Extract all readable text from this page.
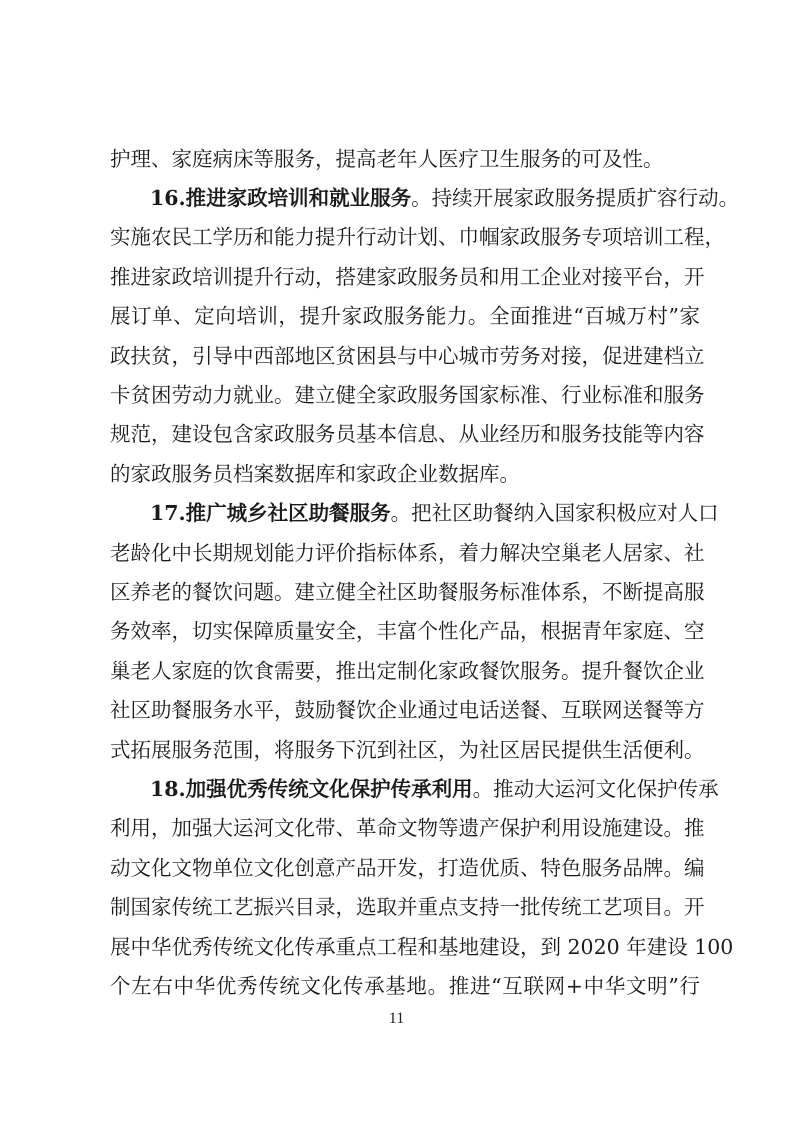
护理、家庭病床等服务，提高老年人医疗卫生服务的可及性。
16.推进家政培训和就业服务。持续开展家政服务提质扩容行动。
实施农民工学历和能力提升行动计划、巾帼家政服务专项培训工程，
推进家政培训提升行动，搭建家政服务员和用工企业对接平台，开
展订单、定向培训，提升家政服务能力。全面推进“百城万村”家
政扶贫，引导中西部地区贫困县与中心城市劳务对接，促进建档立
卡贫困劳动力就业。建立健全家政服务国家标准、行业标准和服务
规范，建设包含家政服务员基本信息、从业经历和服务技能等内容
的家政服务员档案数据库和家政企业数据库。
17.推广城乡社区助餐服务。把社区助餐纳入国家积极应对人口
老龄化中长期规划能力评价指标体系，着力解决空巢老人居家、社
区养老的餐饮问题。建立健全社区助餐服务标准体系，不断提高服
务效率，切实保障质量安全，丰富个性化产品，根据青年家庭、空
巢老人家庭的饮食需要，推出定制化家政餐饮服务。提升餐饮企业
社区助餐服务水平，鼓励餐饮企业通过电话送餐、互联网送餐等方
式拓展服务范围，将服务下沉到社区，为社区居民提供生活便利。
18.加强优秀传统文化保护传承利用。推动大运河文化保护传承
利用，加强大运河文化带、革命文物等遗产保护利用设施建设。推
动文化文物单位文化创意产品开发，打造优质、特色服务品牌。编
制国家传统工艺振兴目录，选取并重点支持一批传统工艺项目。开
展中华优秀传统文化传承重点工程和基地建设，到 2020 年建设 100
个左右中华优秀传统文化传承基地。推进“互联网+中华文明”行
11
